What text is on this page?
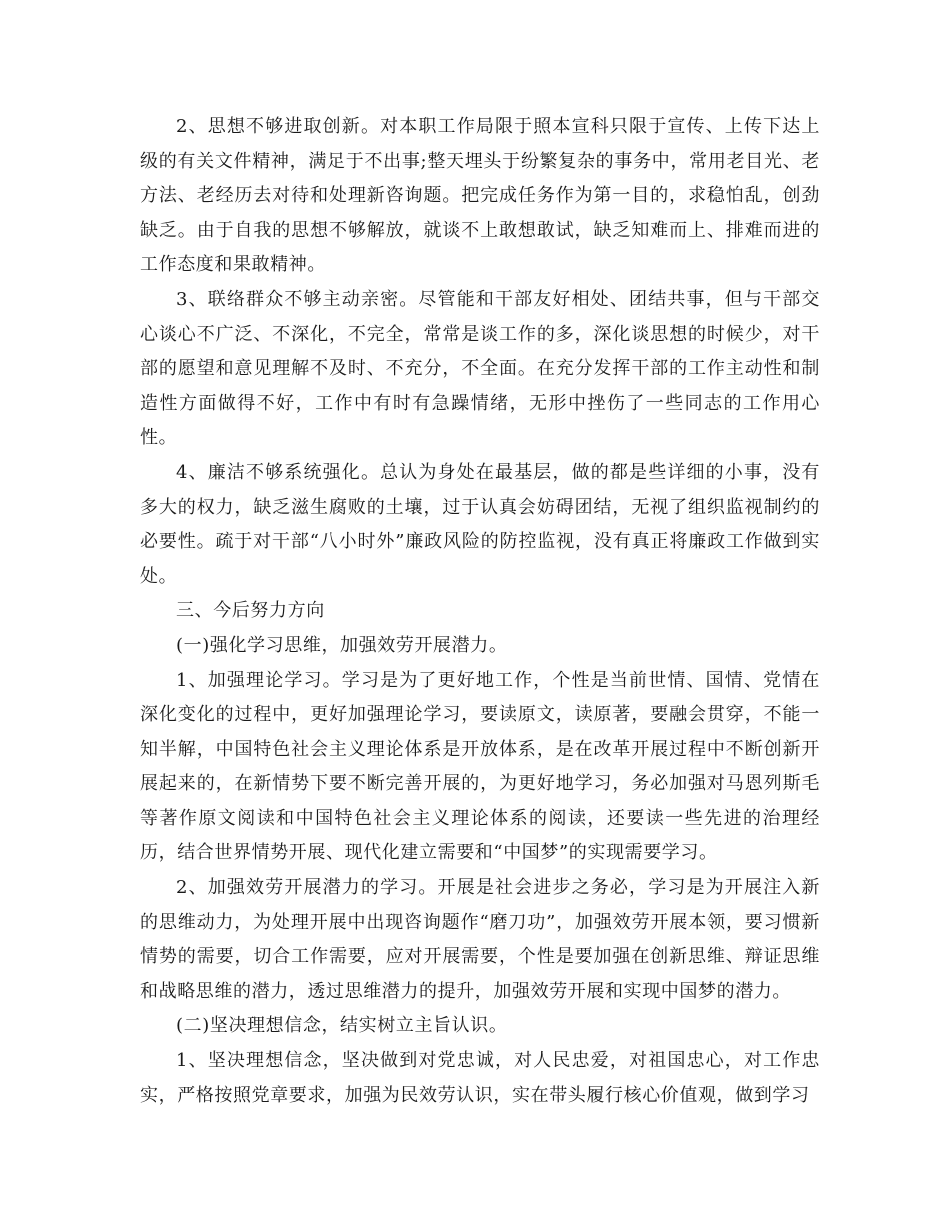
2、思想不够进取创新。对本职工作局限于照本宣科只限于宣传、上传下达上级的有关文件精神，满足于不出事;整天埋头于纷繁复杂的事务中，常用老目光、老方法、老经历去对待和处理新咨询题。把完成任务作为第一目的，求稳怕乱，创劲缺乏。由于自我的思想不够解放，就谈不上敢想敢试，缺乏知难而上、排难而进的工作态度和果敢精神。

3、联络群众不够主动亲密。尽管能和干部友好相处、团结共事，但与干部交心谈心不广泛、不深化，不完全，常常是谈工作的多，深化谈思想的时候少，对干部的愿望和意见理解不及时、不充分，不全面。在充分发挥干部的工作主动性和制造性方面做得不好，工作中有时有急躁情绪，无形中挫伤了一些同志的工作用心性。

4、廉洁不够系统强化。总认为身处在最基层，做的都是些详细的小事，没有多大的权力，缺乏滋生腐败的土壤，过于认真会妨碍团结，无视了组织监视制约的必要性。疏于对干部“八小时外”廉政风险的防控监视，没有真正将廉政工作做到实处。

三、今后努力方向

(一)强化学习思维，加强效劳开展潜力。

1、加强理论学习。学习是为了更好地工作，个性是当前世情、国情、党情在深化变化的过程中，更好加强理论学习，要读原文，读原著，要融会贯穿，不能一知半解，中国特色社会主义理论体系是开放体系，是在改革开展过程中不断创新开展起来的，在新情势下要不断完善开展的，为更好地学习，务必加强对马恩列斯毛等著作原文阅读和中国特色社会主义理论体系的阅读，还要读一些先进的治理经历，结合世界情势开展、现代化建立需要和“中国梦”的实现需要学习。

2、加强效劳开展潜力的学习。开展是社会进步之务必，学习是为开展注入新的思维动力，为处理开展中出现咨询题作“磨刀功”，加强效劳开展本领，要习惯新情势的需要，切合工作需要，应对开展需要，个性是要加强在创新思维、辩证思维和战略思维的潜力，透过思维潜力的提升，加强效劳开展和实现中国梦的潜力。

(二)坚决理想信念，结实树立主旨认识。

1、坚决理想信念，坚决做到对党忠诚，对人民忠爱，对祖国忠心，对工作忠实，严格按照党章要求，加强为民效劳认识，实在带头履行核心价值观，做到学习
